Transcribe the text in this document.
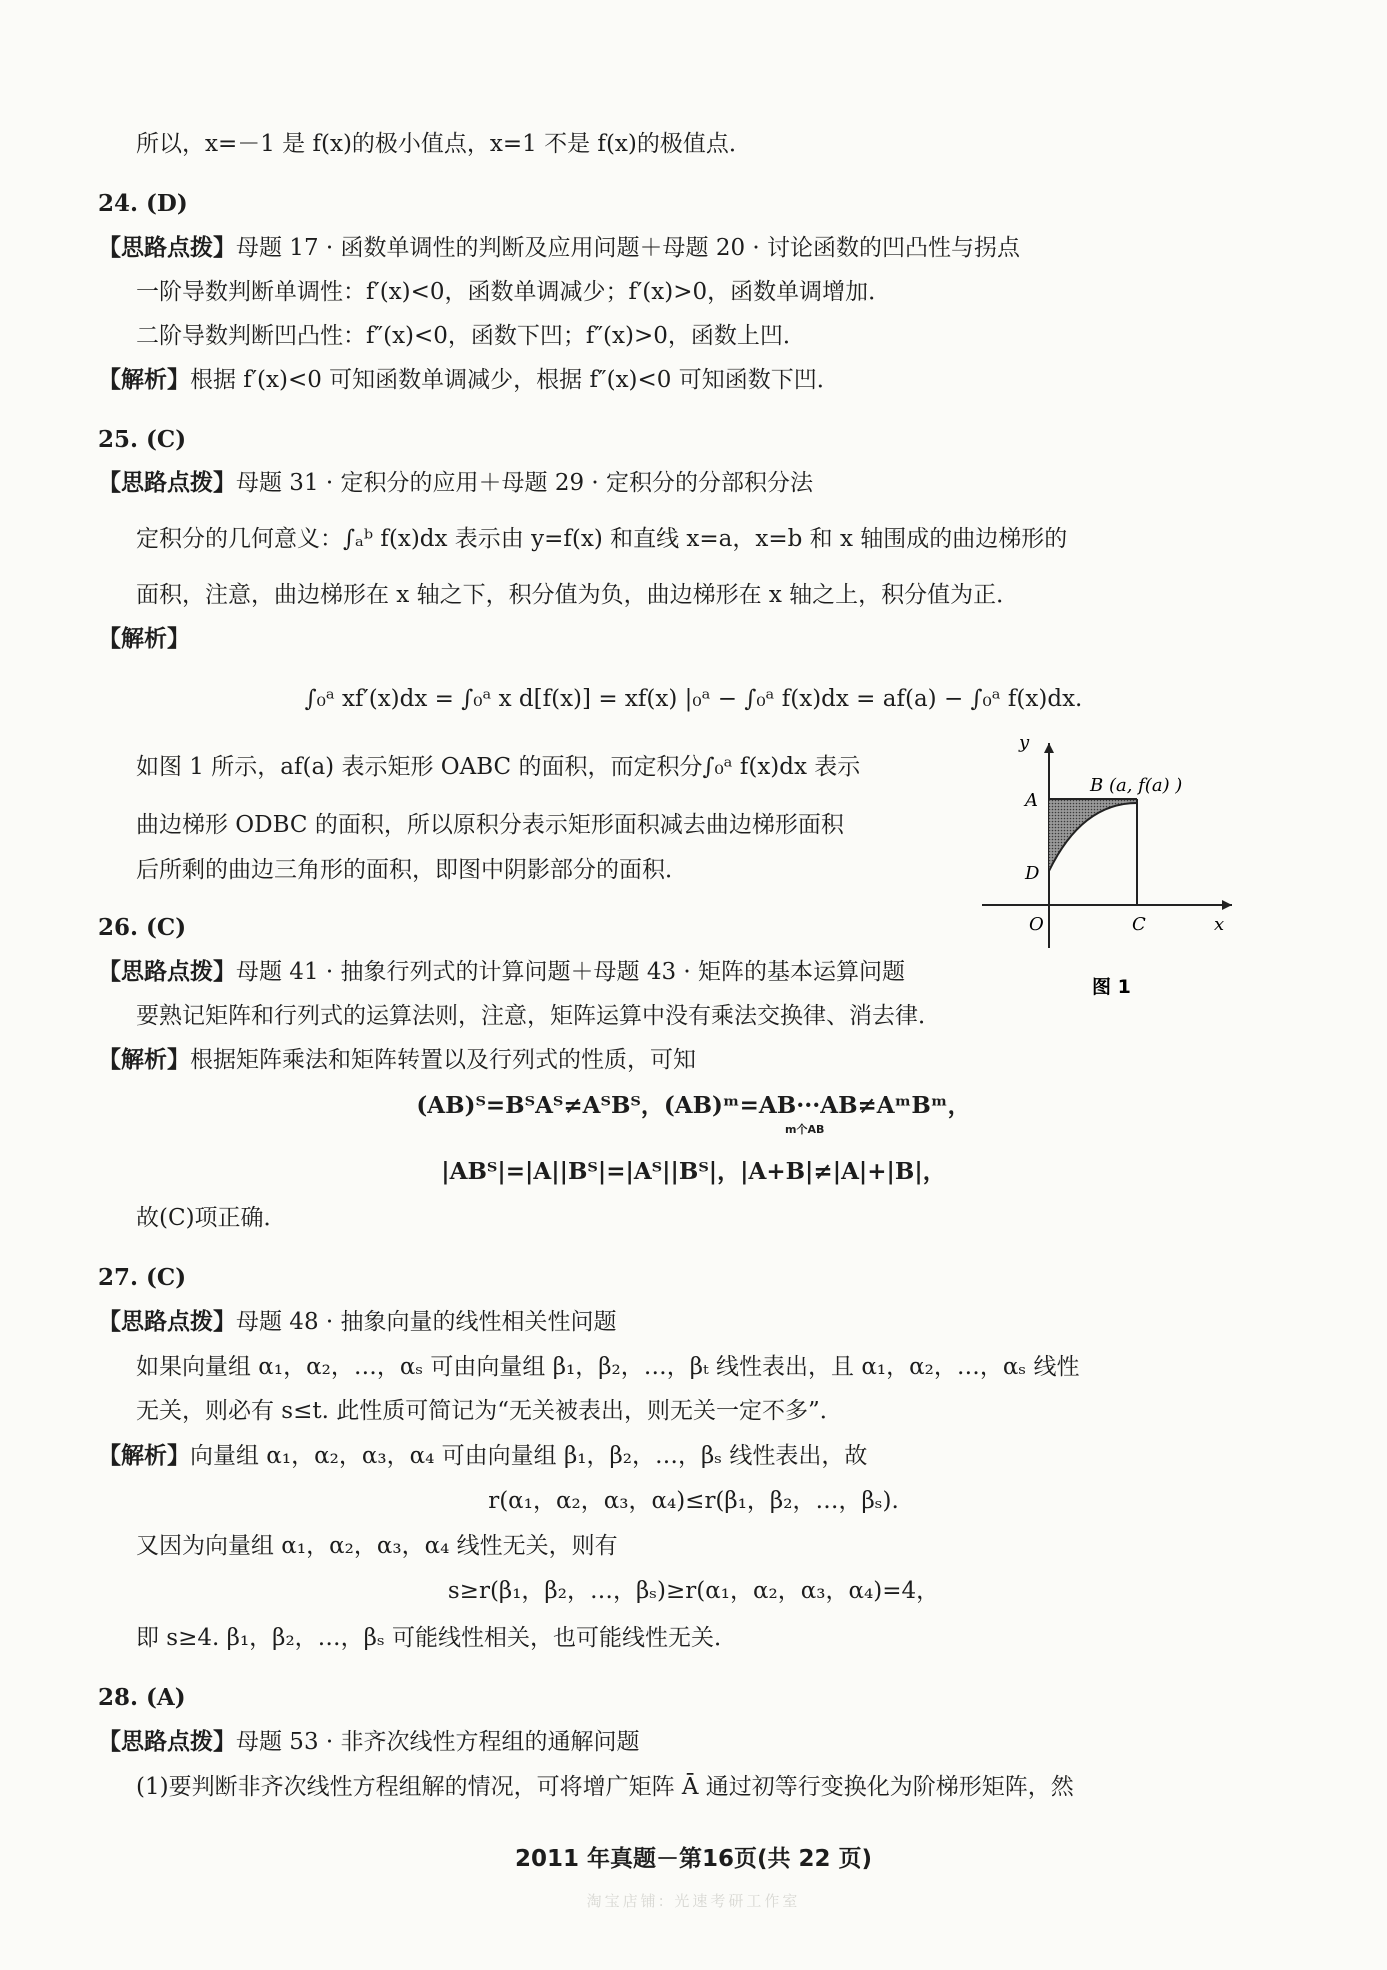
所以，x=－1 是 f(x)的极小值点，x=1 不是 f(x)的极值点．
24. (D)
【思路点拨】母题 17 · 函数单调性的判断及应用问题＋母题 20 · 讨论函数的凹凸性与拐点
一阶导数判断单调性：f′(x)<0，函数单调减少；f′(x)>0，函数单调增加．
二阶导数判断凹凸性：f″(x)<0，函数下凹；f″(x)>0，函数上凹．
【解析】根据 f′(x)<0 可知函数单调减少，根据 f″(x)<0 可知函数下凹．
25. (C)
【思路点拨】母题 31 · 定积分的应用＋母题 29 · 定积分的分部积分法
定积分的几何意义：∫ₐᵇ f(x)dx 表示由 y=f(x) 和直线 x=a，x=b 和 x 轴围成的曲边梯形的
面积，注意，曲边梯形在 x 轴之下，积分值为负，曲边梯形在 x 轴之上，积分值为正．
【解析】
∫₀ᵃ xf′(x)dx = ∫₀ᵃ x d[f(x)] = xf(x) |₀ᵃ − ∫₀ᵃ f(x)dx = af(a) − ∫₀ᵃ f(x)dx.
如图 1 所示，af(a) 表示矩形 OABC 的面积，而定积分∫₀ᵃ f(x)dx 表示
曲边梯形 ODBC 的面积，所以原积分表示矩形面积减去曲边梯形面积
后所剩的曲边三角形的面积，即图中阴影部分的面积．
26. (C)
【思路点拨】母题 41 · 抽象行列式的计算问题＋母题 43 · 矩阵的基本运算问题
要熟记矩阵和行列式的运算法则，注意，矩阵运算中没有乘法交换律、消去律．
【解析】根据矩阵乘法和矩阵转置以及行列式的性质，可知
(AB)ᵀ=BᵀAᵀ≠AᵀBᵀ，(AB)ᵐ=AB···AB≠AᵐBᵐ，
m个AB
|ABᵀ|=|A||Bᵀ|=|Aᵀ||Bᵀ|，|A+B|≠|A|+|B|，
故(C)项正确．
27. (C)
【思路点拨】母题 48 · 抽象向量的线性相关性问题
如果向量组 α₁，α₂，…，αₛ 可由向量组 β₁，β₂，…，βₜ 线性表出，且 α₁，α₂，…，αₛ 线性
无关，则必有 s≤t. 此性质可简记为“无关被表出，则无关一定不多”．
【解析】向量组 α₁，α₂，α₃，α₄ 可由向量组 β₁，β₂，…，βₛ 线性表出，故
r(α₁，α₂，α₃，α₄)≤r(β₁，β₂，…，βₛ).
又因为向量组 α₁，α₂，α₃，α₄ 线性无关，则有
s≥r(β₁，β₂，…，βₛ)≥r(α₁，α₂，α₃，α₄)=4，
即 s≥4. β₁，β₂，…，βₛ 可能线性相关，也可能线性无关．
28. (A)
【思路点拨】母题 53 · 非齐次线性方程组的通解问题
(1)要判断非齐次线性方程组解的情况，可将增广矩阵 Ā 通过初等行变换化为阶梯形矩阵，然
y
x
B (a, f(a) )
A
D
O	C
图 1
2011 年真题－第16页(共 22 页)
淘宝店铺: 光速考研工作室
